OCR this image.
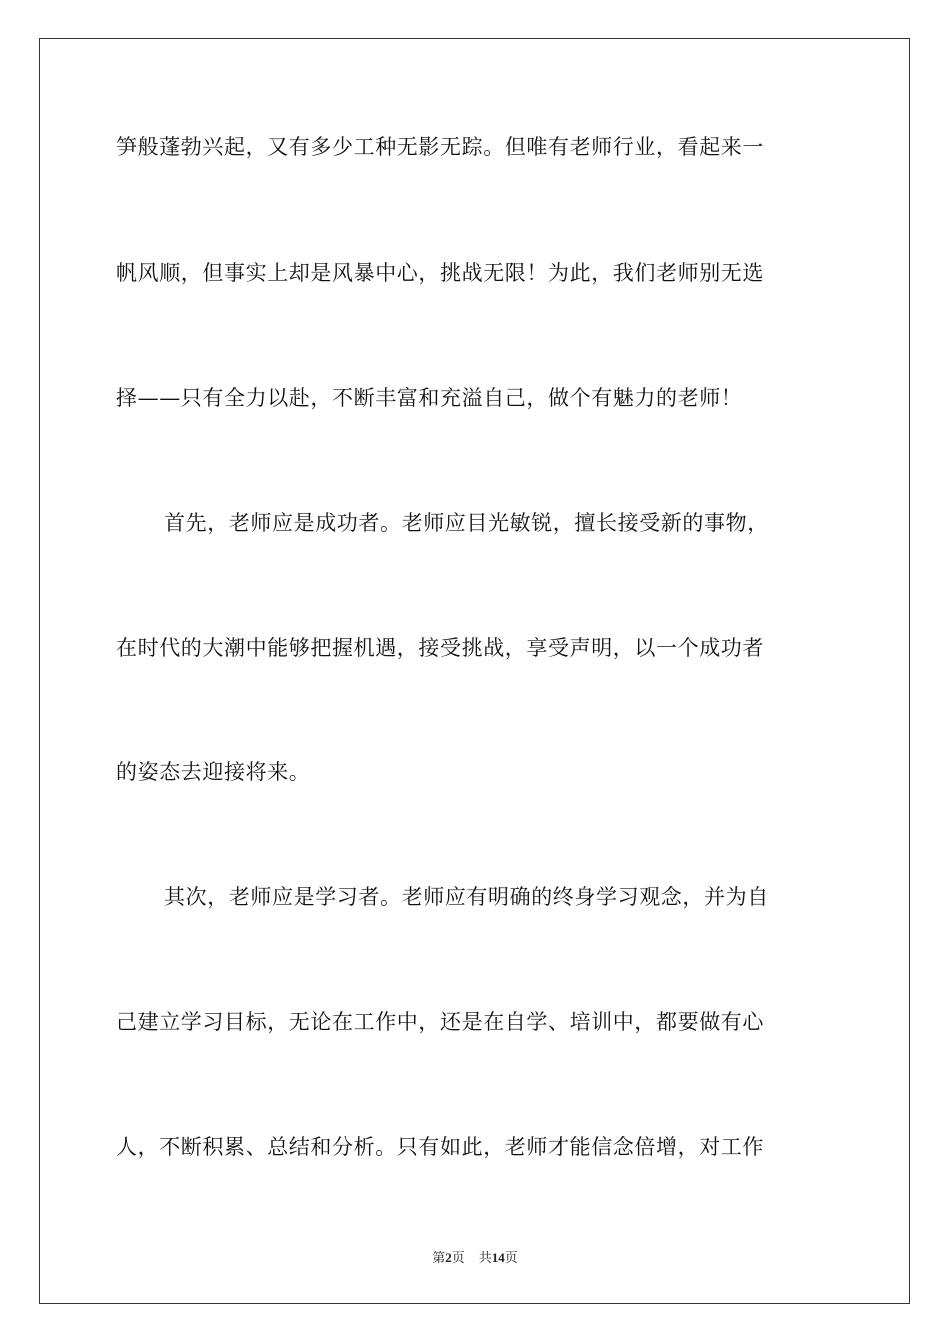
笋般蓬勃兴起，又有多少工种无影无踪。但唯有老师行业，看起来一
帆风顺，但事实上却是风暴中心，挑战无限！为此，我们老师别无选
择——只有全力以赴，不断丰富和充溢自己，做个有魅力的老师！
首先，老师应是成功者。老师应目光敏锐，擅长接受新的事物，
在时代的大潮中能够把握机遇，接受挑战，享受声明，以一个成功者
的姿态去迎接将来。
其次，老师应是学习者。老师应有明确的终身学习观念，并为自
己建立学习目标，无论在工作中，还是在自学、培训中，都要做有心
人，不断积累、总结和分析。只有如此，老师才能信念倍增，对工作
第2页 共14页
